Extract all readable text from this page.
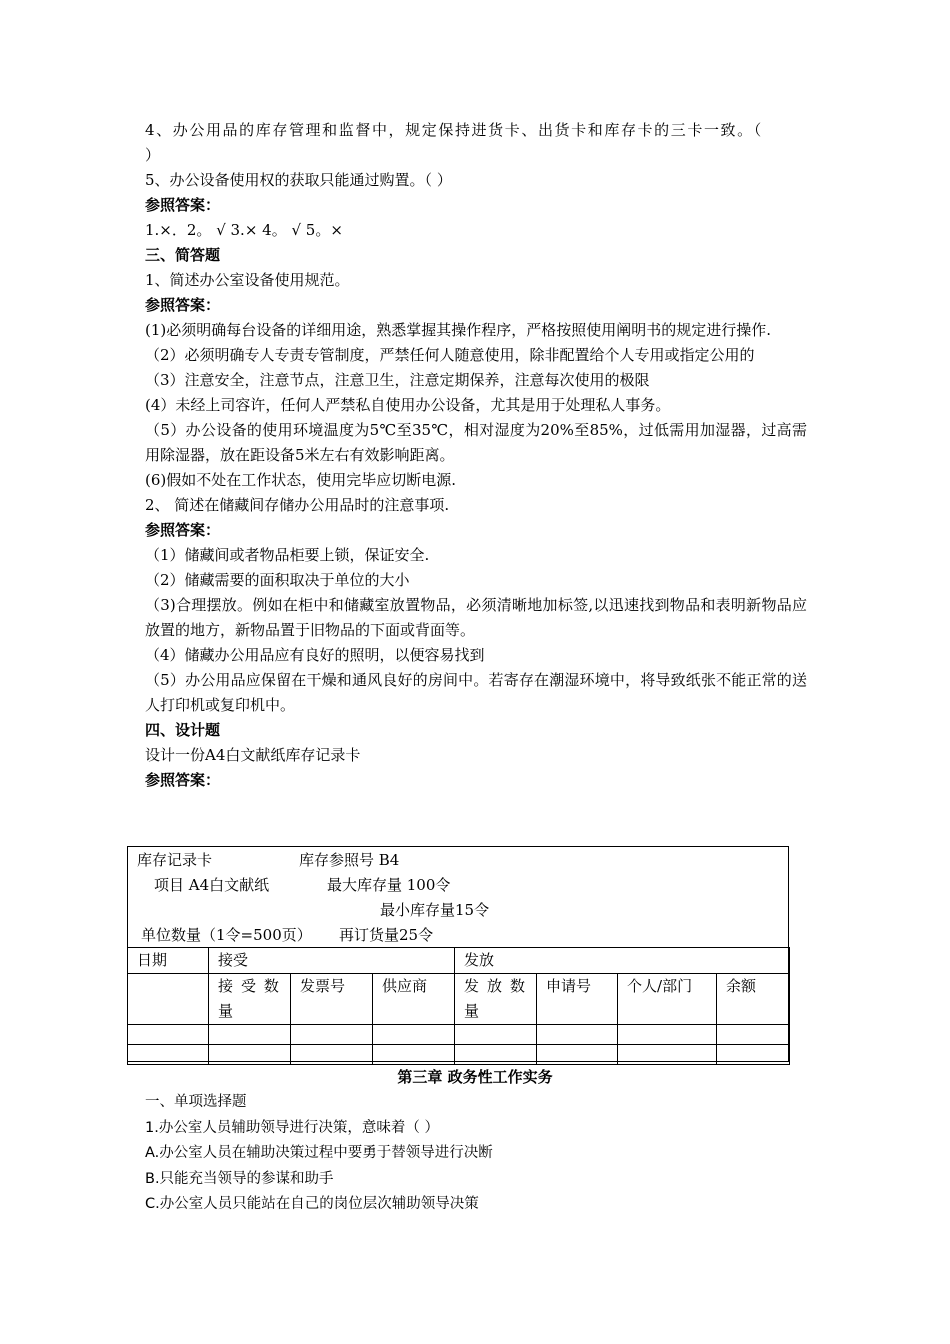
4、办公用品的库存管理和监督中，规定保持进货卡、出货卡和库存卡的三卡一致。（
）
5、办公设备使用权的获取只能通过购置。（ ）
参照答案：
1.×．2。 √ 3.× 4。 √ 5。×
三、简答题
1、简述办公室设备使用规范。
参照答案：
(1)必须明确每台设备的详细用途，熟悉掌握其操作程序，严格按照使用阐明书的规定进行操作.
（2）必须明确专人专责专管制度，严禁任何人随意使用，除非配置给个人专用或指定公用的
（3）注意安全，注意节点，注意卫生，注意定期保养，注意每次使用的极限
(4）未经上司容许，任何人严禁私自使用办公设备，尤其是用于处理私人事务。
（5）办公设备的使用环境温度为5℃至35℃，相对湿度为20%至85%，过低需用加湿器，过高需用除湿器，放在距设备5米左右有效影响距离。
(6)假如不处在工作状态，使用完毕应切断电源.
2、 简述在储藏间存储办公用品时的注意事项.
参照答案：
（1）储藏间或者物品柜要上锁，保证安全.
（2）储藏需要的面积取决于单位的大小
（3)合理摆放。例如在柜中和储藏室放置物品，必须清晰地加标签,以迅速找到物品和表明新物品应放置的地方，新物品置于旧物品的下面或背面等。
（4）储藏办公用品应有良好的照明，以便容易找到
（5）办公用品应保留在干燥和通风良好的房间中。若寄存在潮湿环境中，将导致纸张不能正常的送人打印机或复印机中。
四、设计题
设计一份A4白文献纸库存记录卡
参照答案：
库存记录卡	库存参照号 B4
项目 A4白文献纸	最大库存量 100令
最小库存量15令
单位数量（1令=500页） 再订货量25令
日期	接受			发放			
	接 受 数量	发票号	供应商	发 放 数量	申请号	个人/部门	余额

第三章 政务性工作实务
一、单项选择题
1.办公室人员辅助领导进行决策，意味着（ ）
A.办公室人员在辅助决策过程中要勇于替领导进行决断
B.只能充当领导的参谋和助手
C.办公室人员只能站在自己的岗位层次辅助领导决策
